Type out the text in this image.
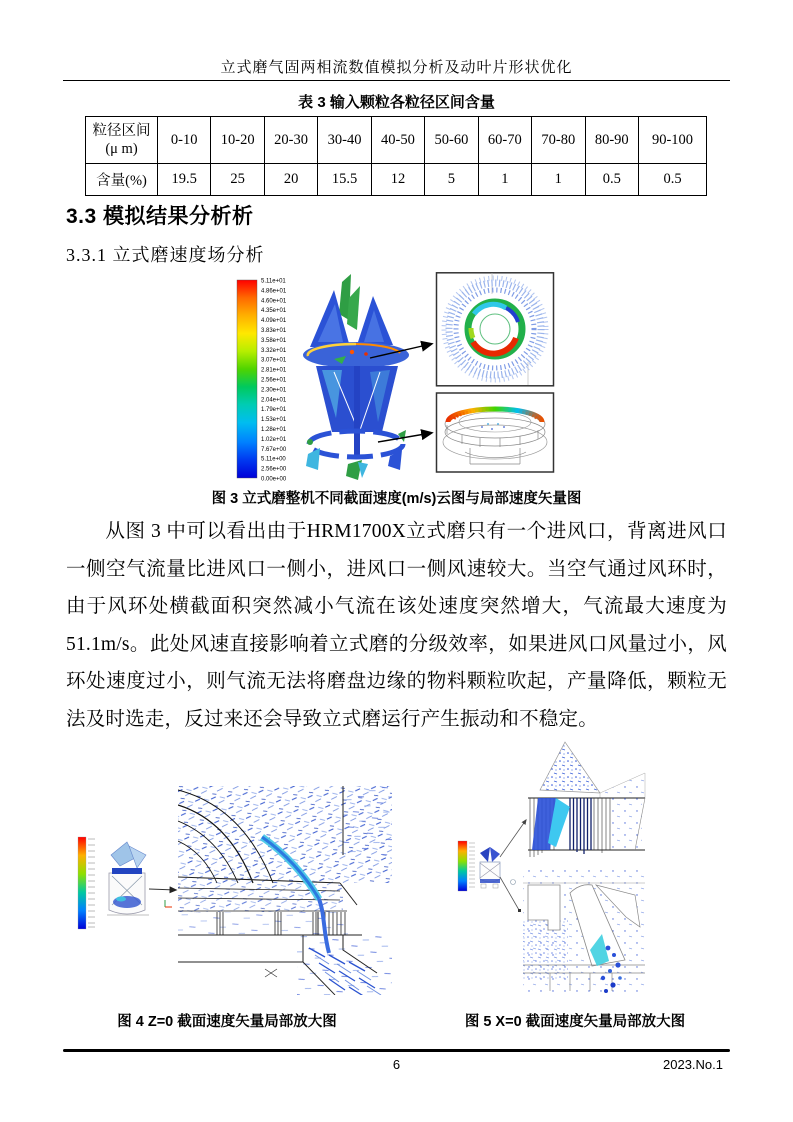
立式磨气固两相流数值模拟分析及动叶片形状优化
表 3 输入颗粒各粒径区间含量
粒径区间
(μ m)	0-10	10-20	20-30	30-40	40-50	50-60	60-70	70-80	80-90	90-100
含量(%)	19.5	25	20	15.5	12	5	1	1	0.5	0.5
3.3 模拟结果分析析
3.3.1 立式磨速度场分析
5.11e+01
4.86e+01
4.60e+01
4.35e+01
4.09e+01
3.83e+01
3.58e+01
3.32e+01
3.07e+01
2.81e+01
2.56e+01
2.30e+01
2.04e+01
1.79e+01
1.53e+01
1.28e+01
1.02e+01
7.67e+00
5.11e+00
2.56e+00
0.00e+00
图 3 立式磨整机不同截面速度(m/s)云图与局部速度矢量图
从图 3 中可以看出由于HRM1700X立式磨只有一个进风口，背离进风口一侧空气流量比进风口一侧小，进风口一侧风速较大。当空气通过风环时，由于风环处横截面积突然减小气流在该处速度突然增大，气流最大速度为 51.1m/s。此处风速直接影响着立式磨的分级效率，如果进风口风量过小，风环处速度过小，则气流无法将磨盘边缘的物料颗粒吹起，产量降低，颗粒无法及时选走，反过来还会导致立式磨运行产生振动和不稳定。
图 4 Z=0 截面速度矢量局部放大图	图 5 X=0 截面速度矢量局部放大图
6	2023.No.1
